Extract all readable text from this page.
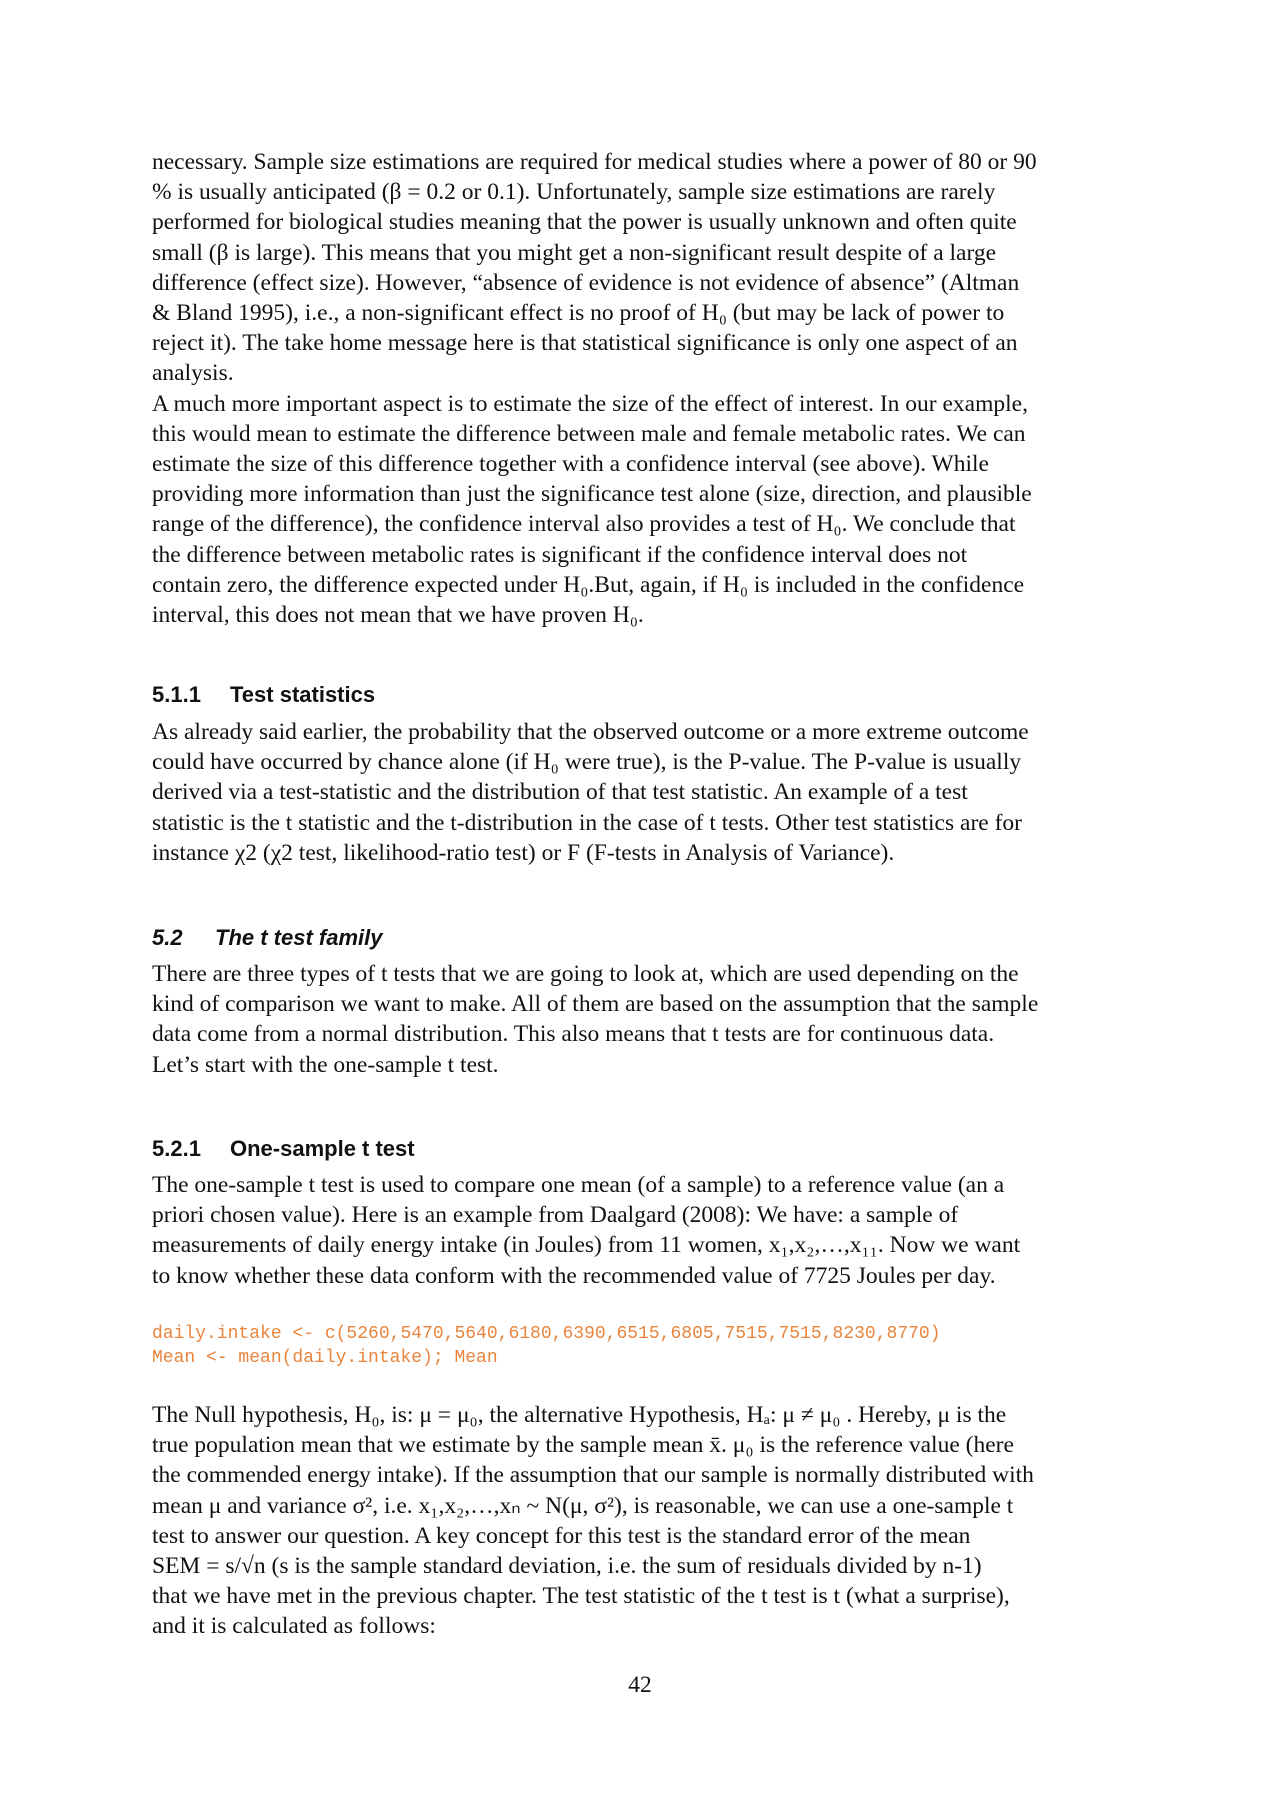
necessary. Sample size estimations are required for medical studies where a power of 80 or 90
% is usually anticipated (β = 0.2 or 0.1). Unfortunately, sample size estimations are rarely
performed for biological studies meaning that the power is usually unknown and often quite
small (β is large). This means that you might get a non-significant result despite of a large
difference (effect size). However, “absence of evidence is not evidence of absence” (Altman
& Bland 1995), i.e., a non-significant effect is no proof of H₀ (but may be lack of power to
reject it). The take home message here is that statistical significance is only one aspect of an
analysis.
A much more important aspect is to estimate the size of the effect of interest. In our example,
this would mean to estimate the difference between male and female metabolic rates. We can
estimate the size of this difference together with a confidence interval (see above). While
providing more information than just the significance test alone (size, direction, and plausible
range of the difference), the confidence interval also provides a test of H₀. We conclude that
the difference between metabolic rates is significant if the confidence interval does not
contain zero, the difference expected under H₀.But, again, if H₀ is included in the confidence
interval, this does not mean that we have proven H₀.
5.1.1 Test statistics
As already said earlier, the probability that the observed outcome or a more extreme outcome
could have occurred by chance alone (if H₀ were true), is the P-value. The P-value is usually
derived via a test-statistic and the distribution of that test statistic. An example of a test
statistic is the t statistic and the t-distribution in the case of t tests. Other test statistics are for
instance χ2 (χ2 test, likelihood-ratio test) or F (F-tests in Analysis of Variance).
5.2 The t test family
There are three types of t tests that we are going to look at, which are used depending on the
kind of comparison we want to make. All of them are based on the assumption that the sample
data come from a normal distribution. This also means that t tests are for continuous data.
Let’s start with the one-sample t test.
5.2.1 One-sample t test
The one-sample t test is used to compare one mean (of a sample) to a reference value (an a
priori chosen value). Here is an example from Daalgard (2008): We have: a sample of
measurements of daily energy intake (in Joules) from 11 women, x₁,x₂,…,x₁₁. Now we want
to know whether these data conform with the recommended value of 7725 Joules per day.
daily.intake <- c(5260,5470,5640,6180,6390,6515,6805,7515,7515,8230,8770)
Mean <- mean(daily.intake); Mean
The Null hypothesis, H₀, is: μ = μ₀, the alternative Hypothesis, Hₐ: μ ≠ μ₀ . Hereby, μ is the
true population mean that we estimate by the sample mean x̄. μ₀ is the reference value (here
the commended energy intake). If the assumption that our sample is normally distributed with
mean μ and variance σ², i.e. x₁,x₂,…,xₙ ~ N(μ, σ²), is reasonable, we can use a one-sample t
test to answer our question. A key concept for this test is the standard error of the mean
SEM = s/√n (s is the sample standard deviation, i.e. the sum of residuals divided by n-1)
that we have met in the previous chapter. The test statistic of the t test is t (what a surprise),
and it is calculated as follows:
42
